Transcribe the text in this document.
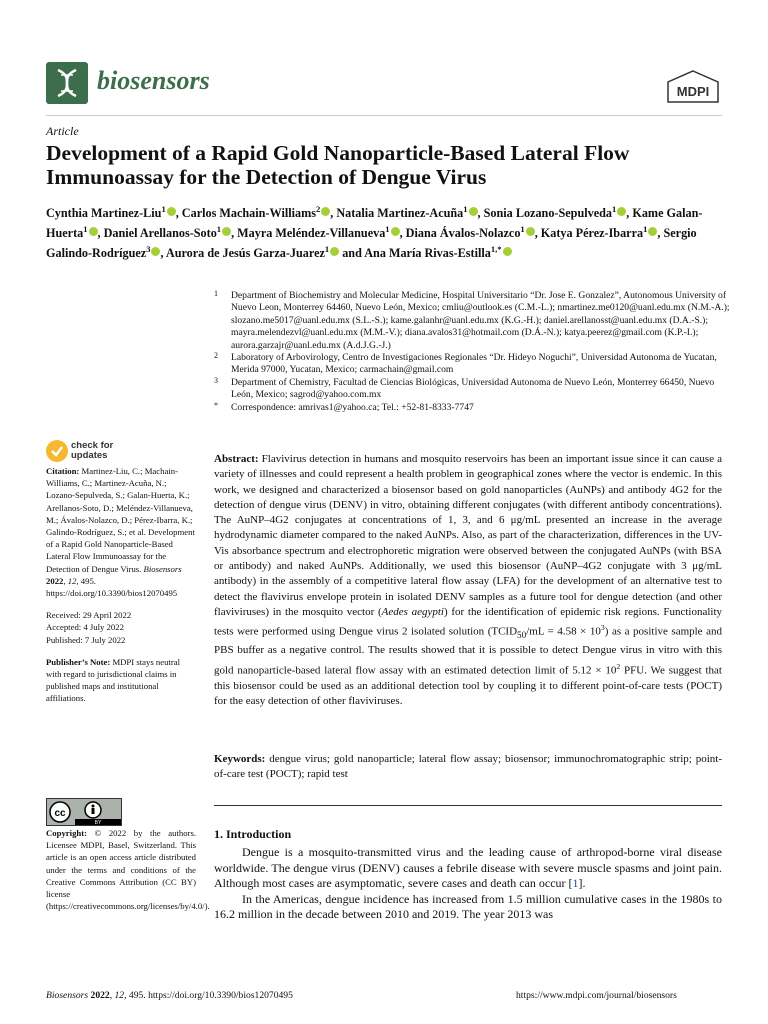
biosensors	MDPI
Article
Development of a Rapid Gold Nanoparticle-Based Lateral Flow Immunoassay for the Detection of Dengue Virus
Cynthia Martinez-Liu$^1$ , Carlos Machain-Williams$^2$ , Natalia Martinez-Acuña$^1$ , Sonia Lozano-Sepulveda$^1$ , Kame Galan-Huerta$^1$ , Daniel Arellanos-Soto$^1$ , Mayra Meléndez-Villanueva$^1$ , Diana Ávalos-Nolazco$^1$ , Katya Pérez-Ibarra$^1$ , Sergio Galindo-Rodríguez$^3$ , Aurora de Jesús Garza-Juarez$^1$ and Ana María Rivas-Estilla$^{1,*}$
1 Department of Biochemistry and Molecular Medicine, Hospital Universitario “Dr. Jose E. Gonzalez”, Autonomous University of Nuevo Leon, Monterrey 64460, Nuevo León, Mexico; cmliu@outlook.es (C.M.-L.); nmartinez.me0120@uanl.edu.mx (N.M.-A.); slozano.me5017@uanl.edu.mx (S.L.-S.); kame.galanhr@uanl.edu.mx (K.G.-H.); daniel.arellanosst@uanl.edu.mx (D.A.-S.); mayra.melendezvl@uanl.edu.mx (M.M.-V.); diana.avalos31@hotmail.com (D.Á.-N.); katya.peerez@gmail.com (K.P.-I.); aurora.garzajr@uanl.edu.mx (A.d.J.G.-J.)
2 Laboratory of Arbovirology, Centro de Investigaciones Regionales “Dr. Hideyo Noguchi”, Universidad Autonoma de Yucatan, Merida 97000, Yucatan, Mexico; carmachain@gmail.com
3 Department of Chemistry, Facultad de Ciencias Biológicas, Universidad Autonoma de Nuevo León, Monterrey 66450, Nuevo León, Mexico; sagrod@yahoo.com.mx
* Correspondence: amrivas1@yahoo.ca; Tel.: +52-81-8333-7747
check for
updates

Citation: Martinez-Liu, C.; Machain-Williams, C.; Martinez-Acuña, N.; Lozano-Sepulveda, S.; Galan-Huerta, K.; Arellanos-Soto, D.; Meléndez-Villanueva, M.; Ávalos-Nolazco, D.; Pérez-Ibarra, K.; Galindo-Rodríguez, S.; et al. Development of a Rapid Gold Nanoparticle-Based Lateral Flow Immunoassay for the Detection of Dengue Virus. Biosensors 2022, 12, 495. https://doi.org/10.3390/bios12070495

Received: 29 April 2022
Accepted: 4 July 2022
Published: 7 July 2022

Publisher’s Note: MDPI stays neutral with regard to jurisdictional claims in published maps and institutional affiliations.

cc
BY
Copyright: © 2022 by the authors. Licensee MDPI, Basel, Switzerland. This article is an open access article distributed under the terms and conditions of the Creative Commons Attribution (CC BY) license (https://creativecommons.org/licenses/by/4.0/).
Abstract: Flavivirus detection in humans and mosquito reservoirs has been an important issue since it can cause a variety of illnesses and could represent a health problem in geographical zones where the vector is endemic. In this work, we designed and characterized a biosensor based on gold nanoparticles (AuNPs) and antibody 4G2 for the detection of dengue virus (DENV) in vitro, obtaining different conjugates (with different antibody concentrations). The AuNP–4G2 conjugates at concentrations of 1, 3, and 6 μg/mL presented an increase in the average hydrodynamic diameter compared to the naked AuNPs. Also, as part of the characterization, differences in the UV-Vis absorbance spectrum and electrophoretic migration were observed between the conjugated AuNPs (with BSA or antibody) and naked AuNPs. Additionally, we used this biosensor (AuNP–4G2 conjugate with 3 μg/mL antibody) in the assembly of a competitive lateral flow assay (LFA) for the development of an alternative test to detect the flavivirus envelope protein in isolated DENV samples as a future tool for dengue detection (and other flaviviruses) in the mosquito vector (Aedes aegypti) for the identification of epidemic risk regions. Functionality tests were performed using Dengue virus 2 isolated solution $(TCID_{50}/mL = 4.58 \times 10^3)$ as a positive sample and PBS buffer as a negative control. The results showed that it is possible to detect Dengue virus in vitro with this gold nanoparticle-based lateral flow assay with an estimated detection limit of $5.12 \times 10^2$ PFU. We suggest that this biosensor could be used as an additional detection tool by coupling it to different point-of-care tests (POCT) for the easy detection of other flaviviruses.
Keywords: dengue virus; gold nanoparticle; lateral flow assay; biosensor; immunochromatographic strip; point-of-care test (POCT); rapid test
1. Introduction

Dengue is a mosquito-transmitted virus and the leading cause of arthropod-borne viral disease worldwide. The dengue virus (DENV) causes a febrile disease with severe muscle spasms and joint pain. Although most cases are asymptomatic, severe cases and death can occur [1].

In the Americas, dengue incidence has increased from 1.5 million cumulative cases in the 1980s to 16.2 million in the decade between 2010 and 2019. The year 2013 was

Biosensors 2022, 12, 495. https://doi.org/10.3390/bios12070495	https://www.mdpi.com/journal/biosensors
